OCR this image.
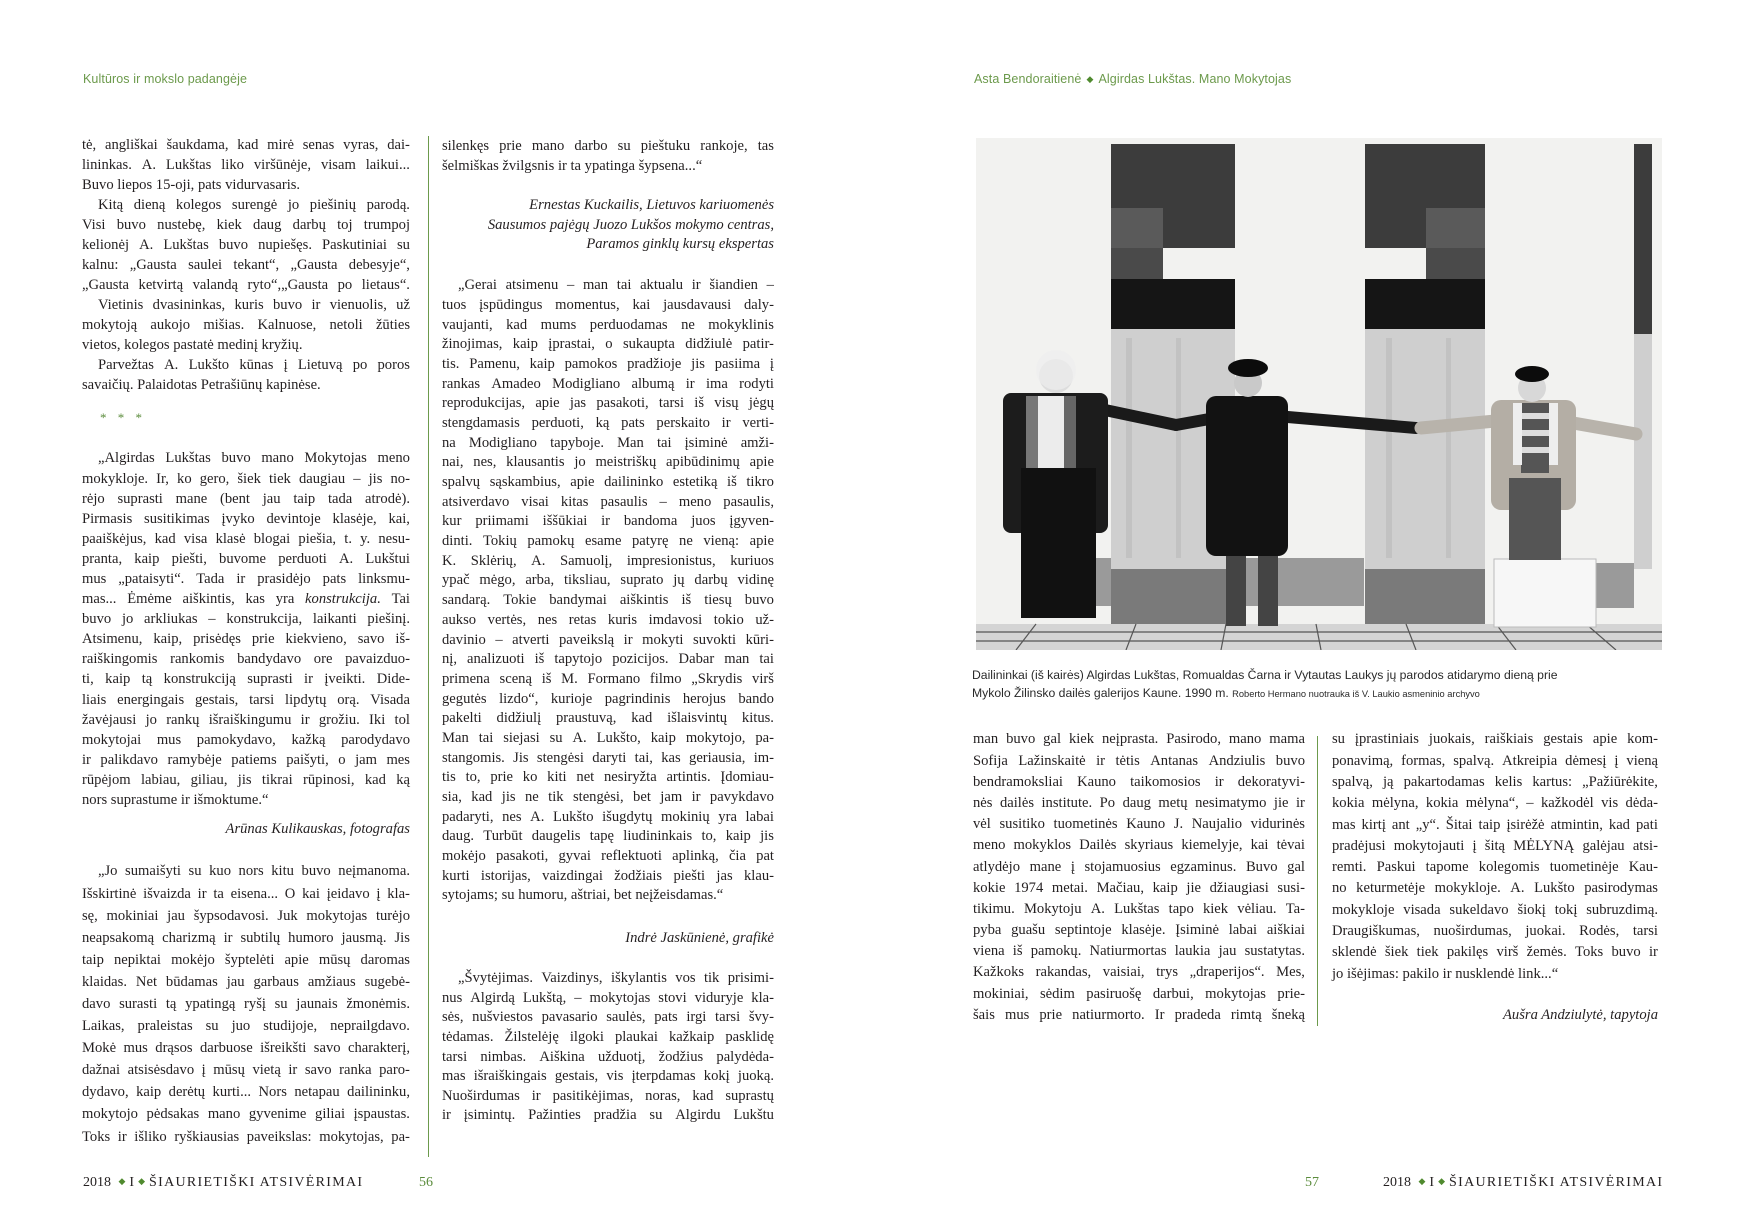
Kultūros ir mokslo padangėje	Asta Bendoraitienė ◆ Algirdas Lukštas. Mano Mokytojas
tė, angliškai šaukdama, kad mirė senas vyras, dai-
lininkas. A. Lukštas liko viršūnėje, visam laikui...
Buvo liepos 15-oji, pats vidurvasaris.
Kitą dieną kolegos surengė jo piešinių parodą.
Visi buvo nustebę, kiek daug darbų toj trumpoj
kelionėj A. Lukštas buvo nupiešęs. Paskutiniai su
kalnu: „Gausta saulei tekant“, „Gausta debesyje“,
„Gausta ketvirtą valandą ryto“,„Gausta po lietaus“.
Vietinis dvasininkas, kuris buvo ir vienuolis, už
mokytoją aukojo mišias. Kalnuose, netoli žūties
vietos, kolegos pastatė medinį kryžių.
Parvežtas A. Lukšto kūnas į Lietuvą po poros
savaičių. Palaidotas Petrašiūnų kapinėse.
* * *
„Algirdas Lukštas buvo mano Mokytojas meno
mokykloje. Ir, ko gero, šiek tiek daugiau – jis no-
rėjo suprasti mane (bent jau taip tada atrodė).
Pirmasis susitikimas įvyko devintoje klasėje, kai,
paaiškėjus, kad visa klasė blogai piešia, t. y. nesu-
pranta, kaip piešti, buvome perduoti A. Lukštui
mus „pataisyti“. Tada ir prasidėjo pats linksmu-
mas... Ėmėme aiškintis, kas yra konstrukcija. Tai
buvo jo arkliukas – konstrukcija, laikanti piešinį.
Atsimenu, kaip, prisėdęs prie kiekvieno, savo iš-
raiškingomis rankomis bandydavo ore pavaizduo-
ti, kaip tą konstrukciją suprasti ir įveikti. Dide-
liais energingais gestais, tarsi lipdytų orą. Visada
žavėjausi jo rankų išraiškingumu ir grožiu. Iki tol
mokytojai mus pamokydavo, kažką parodydavo
ir palikdavo ramybėje patiems paišyti, o jam mes
rūpėjom labiau, giliau, jis tikrai rūpinosi, kad ką
nors suprastume ir išmoktume.“
Arūnas Kulikauskas, fotografas
„Jo sumaišyti su kuo nors kitu buvo neįmanoma.
Išskirtinė išvaizda ir ta eisena... O kai įeidavo į kla-
sę, mokiniai jau šypsodavosi. Juk mokytojas turėjo
neapsakomą charizmą ir subtilų humoro jausmą. Jis
taip nepiktai mokėjo šyptelėti apie mūsų daromas
klaidas. Net būdamas jau garbaus amžiaus sugebė-
davo surasti tą ypatingą ryšį su jaunais žmonėmis.
Laikas, praleistas su juo studijoje, neprailgdavo.
Mokė mus drąsos darbuose išreikšti savo charakterį,
dažnai atsisėsdavo į mūsų vietą ir savo ranka paro-
dydavo, kaip derėtų kurti... Nors netapau dailininku,
mokytojo pėdsakas mano gyvenime giliai įspaustas.
Toks ir išliko ryškiausias paveikslas: mokytojas, pa-
silenkęs prie mano darbo su pieštuku rankoje, tas
šelmiškas žvilgsnis ir ta ypatinga šypsena...“
Ernestas Kuckailis, Lietuvos kariuomenės
Sausumos pajėgų Juozo Lukšos mokymo centras,
Paramos ginklų kursų ekspertas
„Gerai atsimenu – man tai aktualu ir šiandien –
tuos įspūdingus momentus, kai jausdavausi daly-
vaujanti, kad mums perduodamas ne mokyklinis
žinojimas, kaip įprastai, o sukaupta didžiulė patir-
tis. Pamenu, kaip pamokos pradžioje jis pasiima į
rankas Amadeo Modigliano albumą ir ima rodyti
reprodukcijas, apie jas pasakoti, tarsi iš visų jėgų
stengdamasis perduoti, ką pats perskaito ir verti-
na Modigliano tapyboje. Man tai įsiminė amži-
nai, nes, klausantis jo meistriškų apibūdinimų apie
spalvų sąskambius, apie dailininko estetiką iš tikro
atsiverdavo visai kitas pasaulis – meno pasaulis,
kur priimami iššūkiai ir bandoma juos įgyven-
dinti. Tokių pamokų esame patyrę ne vieną: apie
K. Sklėrių, A. Samuolį, impresionistus, kuriuos
ypač mėgo, arba, tiksliau, suprato jų darbų vidinę
sandarą. Tokie bandymai aiškintis iš tiesų buvo
aukso vertės, nes retas kuris imdavosi tokio už-
davinio – atverti paveikslą ir mokyti suvokti kūri-
nį, analizuoti iš tapytojo pozicijos. Dabar man tai
primena sceną iš M. Formano filmo „Skrydis virš
gegutės lizdo“, kurioje pagrindinis herojus bando
pakelti didžiulį praustuvą, kad išlaisvintų kitus.
Man tai siejasi su A. Lukšto, kaip mokytojo, pa-
stangomis. Jis stengėsi daryti tai, kas geriausia, im-
tis to, prie ko kiti net nesiryžta artintis. Įdomiau-
sia, kad jis ne tik stengėsi, bet jam ir pavykdavo
padaryti, nes A. Lukšto išugdytų mokinių yra labai
daug. Turbūt daugelis tapę liudininkais to, kaip jis
mokėjo pasakoti, gyvai reflektuoti aplinką, čia pat
kurti istorijas, vaizdingai žodžiais piešti jas klau-
sytojams; su humoru, aštriai, bet neįžeisdamas.“
Indrė Jaskūnienė, grafikė
„Švytėjimas. Vaizdinys, iškylantis vos tik prisimi-
nus Algirdą Lukštą, – mokytojas stovi viduryje kla-
sės, nušviestos pavasario saulės, pats irgi tarsi švy-
tėdamas. Žilstelėję ilgoki plaukai kažkaip pasklidę
tarsi nimbas. Aiškina užduotį, žodžius palydėda-
mas išraiškingais gestais, vis įterpdamas kokį juoką.
Nuoširdumas ir pasitikėjimas, noras, kad suprastų
ir įsimintų. Pažinties pradžia su Algirdu Lukštu
man buvo gal kiek neįprasta. Pasirodo, mano mama
Sofija Lažinskaitė ir tėtis Antanas Andziulis buvo
bendramoksliai Kauno taikomosios ir dekoratyvi-
nės dailės institute. Po daug metų nesimatymo jie ir
vėl susitiko tuometinės Kauno J. Naujalio vidurinės
meno mokyklos Dailės skyriaus kiemelyje, kai tėvai
atlydėjo mane į stojamuosius egzaminus. Buvo gal
kokie 1974 metai. Mačiau, kaip jie džiaugiasi susi-
tikimu. Mokytoju A. Lukštas tapo kiek vėliau. Ta-
pyba guašu septintoje klasėje. Įsiminė labai aiškiai
viena iš pamokų. Natiurmortas laukia jau sustatytas.
Kažkoks rakandas, vaisiai, trys „draperijos“. Mes,
mokiniai, sėdim pasiruošę darbui, mokytojas prie-
šais mus prie natiurmorto. Ir pradeda rimtą šneką
su įprastiniais juokais, raiškiais gestais apie kom-
ponavimą, formas, spalvą. Atkreipia dėmesį į vieną
spalvą, ją pakartodamas kelis kartus: „Pažiūrėkite,
kokia mėlyna, kokia mėlyna“, – kažkodėl vis dėda-
mas kirtį ant „y“. Šitai taip įsirėžė atmintin, kad pati
pradėjusi mokytojauti į šitą MĖLYNĄ galėjau atsi-
remti. Paskui tapome kolegomis tuometinėje Kau-
no keturmetėje mokykloje. A. Lukšto pasirodymas
mokykloje visada sukeldavo šiokį tokį subruzdimą.
Draugiškumas, nuoširdumas, juokai. Rodės, tarsi
sklendė šiek tiek pakilęs virš žemės. Toks buvo ir
jo išėjimas: pakilo ir nusklendė link...“
Aušra Andziulytė, tapytoja
Dailininkai (iš kairės) Algirdas Lukštas, Romualdas Čarna ir Vytautas Laukys jų parodos atidarymo dieną prie
Mykolo Žilinsko dailės galerijos Kaune. 1990 m. Roberto Hermano nuotrauka iš V. Laukio asmeninio archyvo
2018 ◆ I ◆ ŠIAURIETIŠKI ATSIVĖRIMAI	56	57	2018 ◆ I ◆ ŠIAURIETIŠKI ATSIVĖRIMAI
